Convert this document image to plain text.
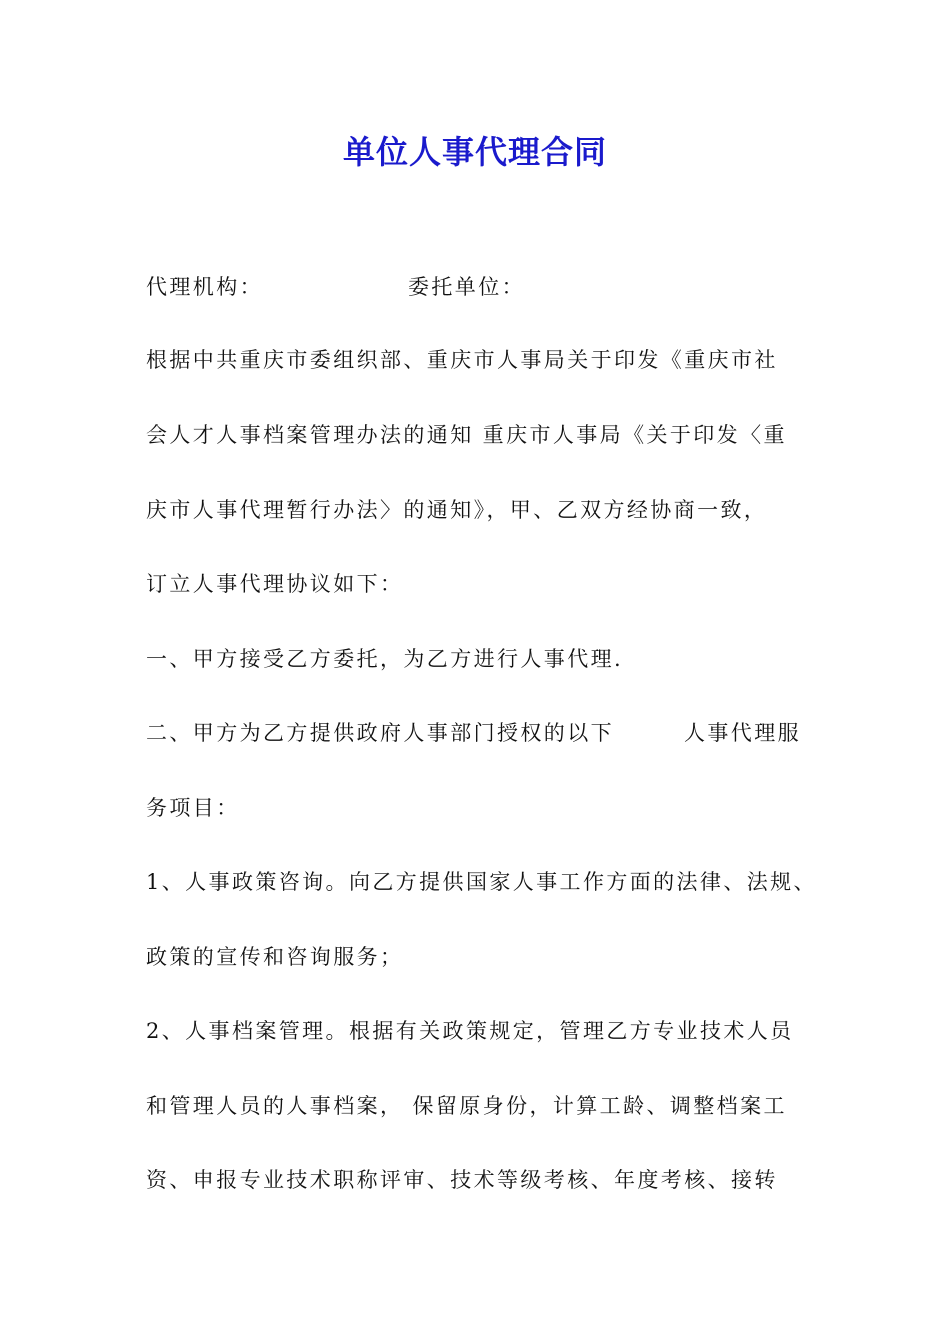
单位人事代理合同
代理机构：	委托单位：
根据中共重庆市委组织部、重庆市人事局关于印发《重庆市社
会人才人事档案管理办法的通知 重庆市人事局《关于印发〈重
庆市人事代理暂行办法〉的通知》，甲、乙双方经协商一致，
订立人事代理协议如下：
一、甲方接受乙方委托，为乙方进行人事代理.
二、甲方为乙方提供政府人事部门授权的以下	人事代理服
务项目：
1、人事政策咨询。向乙方提供国家人事工作方面的法律、法规、
政策的宣传和咨询服务；
2、人事档案管理。根据有关政策规定，管理乙方专业技术人员
和管理人员的人事档案， 保留原身份，计算工龄、调整档案工
资、申报专业技术职称评审、技术等级考核、年度考核、接转
